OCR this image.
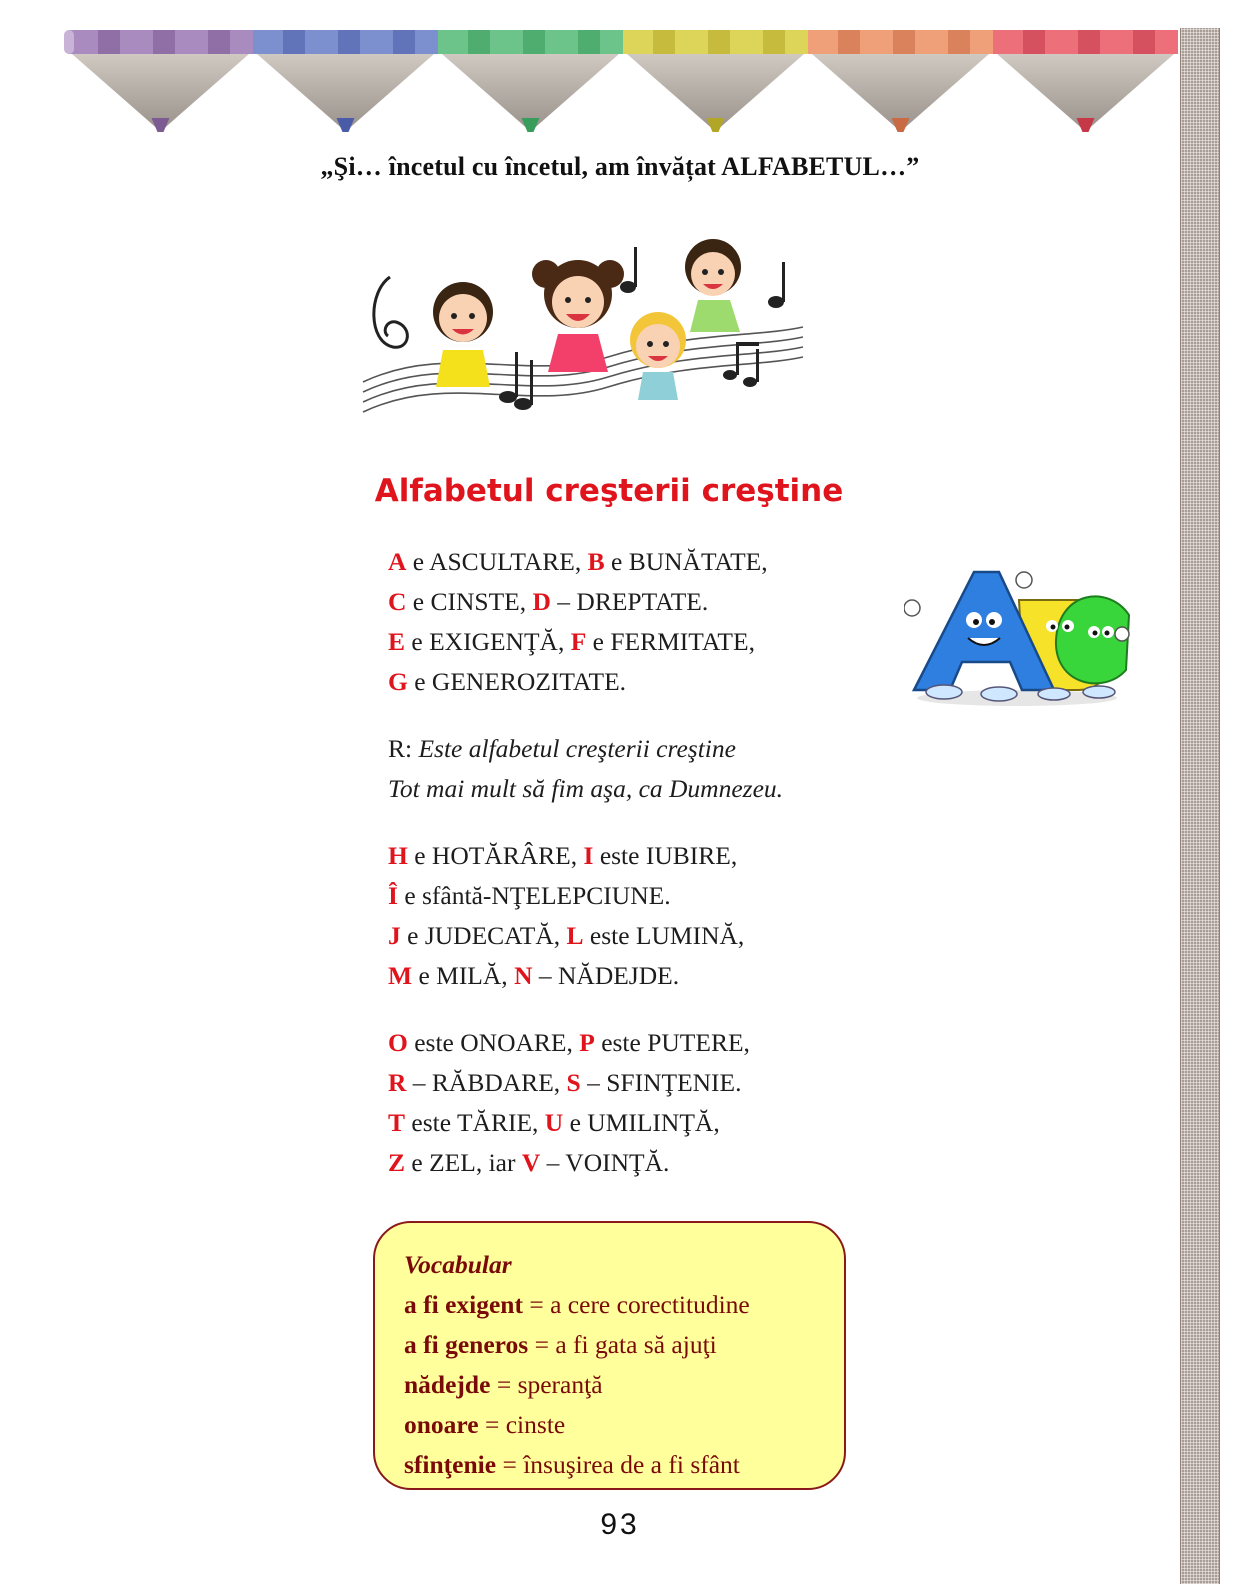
„Şi… încetul cu încetul, am învățat ALFABETUL…”
Alfabetul creşterii creştine
A e ASCULTARE, B e BUNĂTATE,
C e CINSTE, D – DREPTATE.
E e EXIGENŢĂ, F e FERMITATE,
G e GENEROZITATE.
R: Este alfabetul creşterii creştine
Tot mai mult să fim aşa, ca Dumnezeu.
H e HOTĂRÂRE, I este IUBIRE,
Î e sfântă-NŢELEPCIUNE.
J e JUDECATĂ, L este LUMINĂ,
M e MILĂ, N – NĂDEJDE.
O este ONOARE, P este PUTERE,
R – RĂBDARE, S – SFINŢENIE.
T este TĂRIE, U e UMILINŢĂ,
Z e ZEL, iar V – VOINŢĂ.
Vocabular
a fi exigent = a cere corectitudine
a fi generos = a fi gata să ajuţi
nădejde = speranţă
onoare = cinste
sfinţenie = însuşirea de a fi sfânt
93
